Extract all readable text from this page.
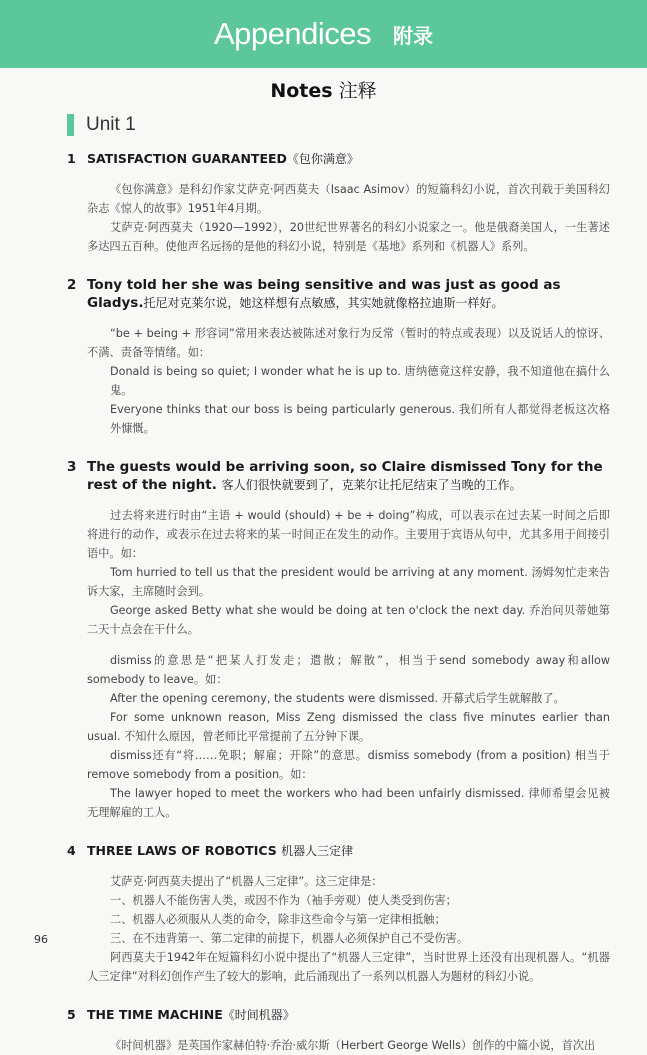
Appendices 附录
Notes 注释
Unit 1
1 SATISFACTION GUARANTEED《包你满意》
《包你满意》是科幻作家艾萨克·阿西莫夫（Isaac Asimov）的短篇科幻小说，首次刊载于美国科幻杂志《惊人的故事》1951年4月期。
艾萨克·阿西莫夫（1920—1992），20世纪世界著名的科幻小说家之一。他是俄裔美国人，一生著述多达四五百种。使他声名远扬的是他的科幻小说，特别是《基地》系列和《机器人》系列。
2 Tony told her she was being sensitive and was just as good as Gladys.托尼对克莱尔说，她这样想有点敏感，其实她就像格拉迪斯一样好。
“be + being + 形容词”常用来表达被陈述对象行为反常（暂时的特点或表现）以及说话人的惊讶、不满、责备等情绪。如：
Donald is being so quiet; I wonder what he is up to. 唐纳德竟这样安静，我不知道他在搞什么鬼。
Everyone thinks that our boss is being particularly generous. 我们所有人都觉得老板这次格外慷慨。
3 The guests would be arriving soon, so Claire dismissed Tony for the rest of the night. 客人们很快就要到了，克莱尔让托尼结束了当晚的工作。
过去将来进行时由“主语 + would (should) + be + doing”构成，可以表示在过去某一时间之后即将进行的动作，或表示在过去将来的某一时间正在发生的动作。主要用于宾语从句中，尤其多用于间接引语中。如：
Tom hurried to tell us that the president would be arriving at any moment. 汤姆匆忙走来告诉大家，主席随时会到。
George asked Betty what she would be doing at ten o'clock the next day. 乔治问贝蒂她第二天十点会在干什么。
dismiss的意思是“把某人打发走；遣散；解散”，相当于send somebody away和allow somebody to leave。如：
After the opening ceremony, the students were dismissed. 开幕式后学生就解散了。
For some unknown reason, Miss Zeng dismissed the class five minutes earlier than usual. 不知什么原因，曾老师比平常提前了五分钟下课。
dismiss还有“将……免职；解雇；开除”的意思。dismiss somebody (from a position) 相当于remove somebody from a position。如：
The lawyer hoped to meet the workers who had been unfairly dismissed. 律师希望会见被无理解雇的工人。
4 THREE LAWS OF ROBOTICS 机器人三定律
艾萨克·阿西莫夫提出了“机器人三定律”。这三定律是：
一、机器人不能伤害人类，或因不作为（袖手旁观）使人类受到伤害；
二、机器人必须服从人类的命令，除非这些命令与第一定律相抵触；
三、在不违背第一、第二定律的前提下，机器人必须保护自己不受伤害。
阿西莫夫于1942年在短篇科幻小说中提出了“机器人三定律”，当时世界上还没有出现机器人。“机器人三定律”对科幻创作产生了较大的影响，此后涌现出了一系列以机器人为题材的科幻小说。
5 THE TIME MACHINE《时间机器》
《时间机器》是英国作家赫伯特·乔治·威尔斯（Herbert George Wells）创作的中篇小说，首次出
96
